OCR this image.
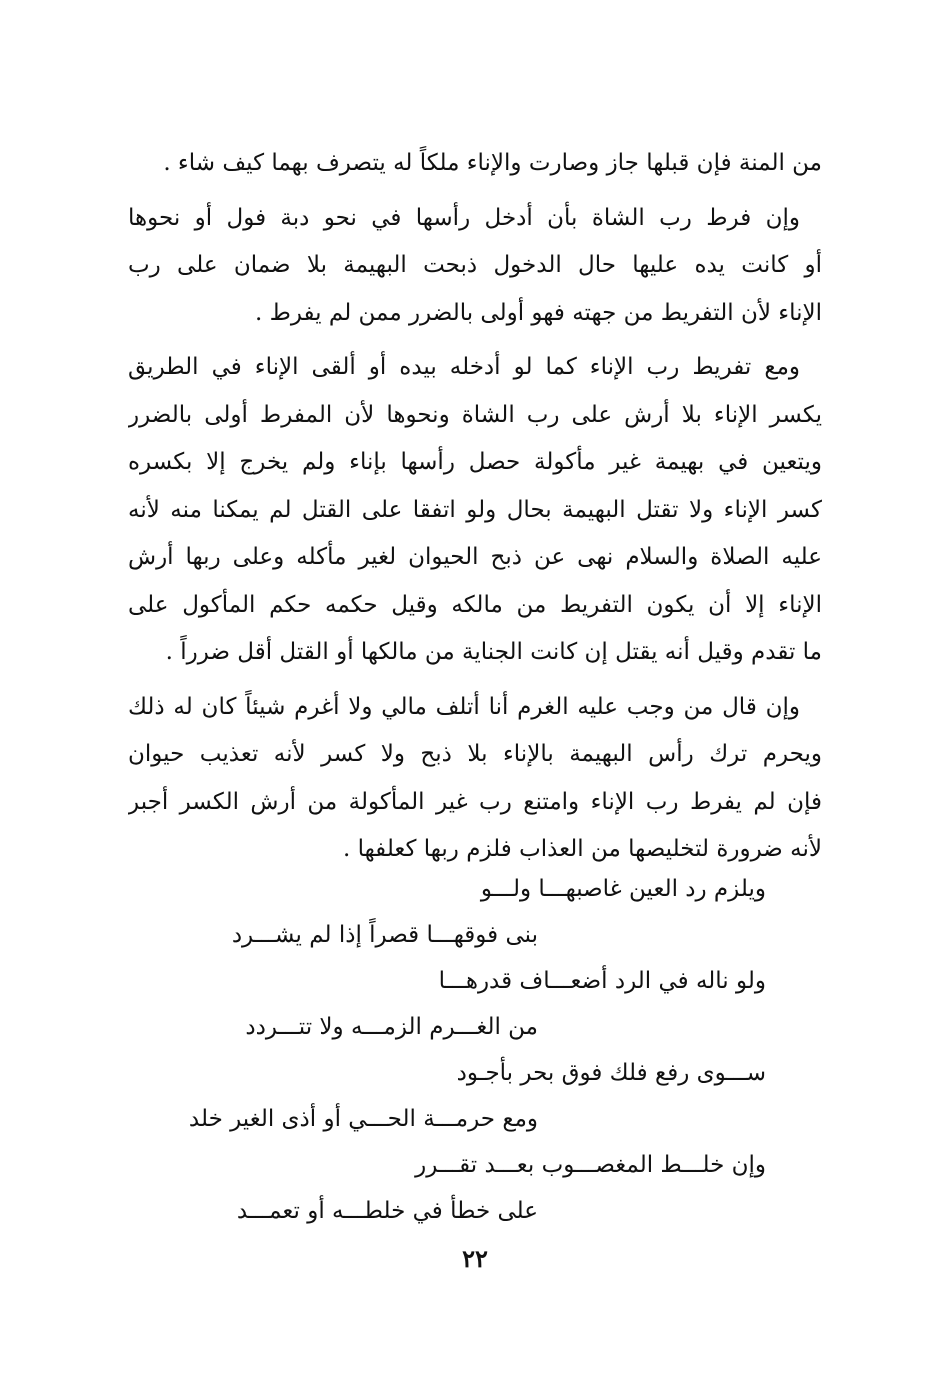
من المنة فإن قبلها جاز وصارت والإناء ملكاً له يتصرف بهما كيف شاء .
وإن فرط رب الشاة بأن أدخل رأسها في نحو دبة فول أو نحوها
أو كانت يده عليها حال الدخول ذبحت البهيمة بلا ضمان على رب
الإناء لأن التفريط من جهته فهو أولى بالضرر ممن لم يفرط .
ومع تفريط رب الإناء كما لو أدخله بيده أو ألقى الإناء في الطريق
يكسر الإناء بلا أرش على رب الشاة ونحوها لأن المفرط أولى بالضرر
ويتعين في بهيمة غير مأكولة حصل رأسها بإناء ولم يخرج إلا بكسره
كسر الإناء ولا تقتل البهيمة بحال ولو اتفقا على القتل لم يمكنا منه لأنه
عليه الصلاة والسلام نهى عن ذبح الحيوان لغير مأكله وعلى ربها أرش
الإناء إلا أن يكون التفريط من مالكه وقيل حكمه حكم المأكول على
ما تقدم وقيل أنه يقتل إن كانت الجناية من مالكها أو القتل أقل ضرراً .
وإن قال من وجب عليه الغرم أنا أتلف مالي ولا أغرم شيئاً كان له ذلك
ويحرم ترك رأس البهيمة بالإناء بلا ذبح ولا كسر لأنه تعذيب حيوان
فإن لم يفرط رب الإناء وامتنع رب غير المأكولة من أرش الكسر أجبر
لأنه ضرورة لتخليصها من العذاب فلزم ربها كعلفها .
ويلزم رد العين غاصبهـــا ولـــو
بنى فوقهـــا قصراً إذا لم يشـــرد
ولو ناله في الرد أضعـــاف قدرهـــا
من الغـــرم الزمـــه ولا تتـــردد
ســـوى رفع فلك فوق بحر بأجـود
ومع حرمـــة الحـــي أو أذى الغير خلد
وإن خلـــط المغصـــوب بعـــد تقـــرر
على خطأ في خلطـــه أو تعمـــد
٢٢
